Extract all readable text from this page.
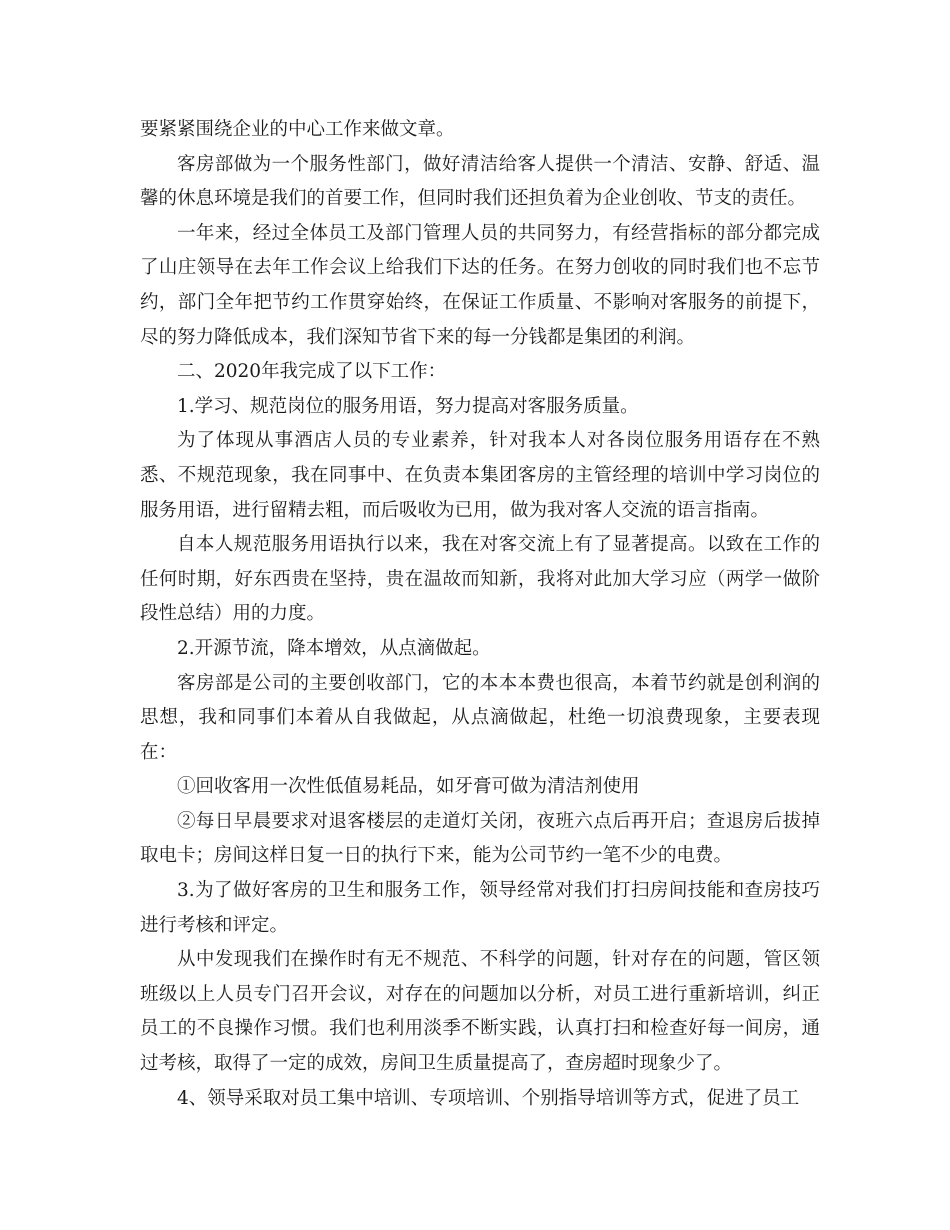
要紧紧围绕企业的中心工作来做文章。

客房部做为一个服务性部门，做好清洁给客人提供一个清洁、安静、舒适、温馨的休息环境是我们的首要工作，但同时我们还担负着为企业创收、节支的责任。

一年来，经过全体员工及部门管理人员的共同努力，有经营指标的部分都完成了山庄领导在去年工作会议上给我们下达的任务。在努力创收的同时我们也不忘节约，部门全年把节约工作贯穿始终，在保证工作质量、不影响对客服务的前提下，尽的努力降低成本，我们深知节省下来的每一分钱都是集团的利润。

二、2020年我完成了以下工作：

1.学习、规范岗位的服务用语，努力提高对客服务质量。

为了体现从事酒店人员的专业素养，针对我本人对各岗位服务用语存在不熟悉、不规范现象，我在同事中、在负责本集团客房的主管经理的培训中学习岗位的服务用语，进行留精去粗，而后吸收为已用，做为我对客人交流的语言指南。

自本人规范服务用语执行以来，我在对客交流上有了显著提高。以致在工作的任何时期，好东西贵在坚持，贵在温故而知新，我将对此加大学习应（两学一做阶段性总结）用的力度。

2.开源节流，降本增效，从点滴做起。

客房部是公司的主要创收部门，它的本本本费也很高，本着节约就是创利润的思想，我和同事们本着从自我做起，从点滴做起，杜绝一切浪费现象，主要表现在：

①回收客用一次性低值易耗品，如牙膏可做为清洁剂使用

②每日早晨要求对退客楼层的走道灯关闭，夜班六点后再开启；查退房后拔掉取电卡；房间这样日复一日的执行下来，能为公司节约一笔不少的电费。

3.为了做好客房的卫生和服务工作，领导经常对我们打扫房间技能和查房技巧进行考核和评定。

从中发现我们在操作时有无不规范、不科学的问题，针对存在的问题，管区领班级以上人员专门召开会议，对存在的问题加以分析，对员工进行重新培训，纠正员工的不良操作习惯。我们也利用淡季不断实践，认真打扫和检查好每一间房，通过考核，取得了一定的成效，房间卫生质量提高了，查房超时现象少了。

4、领导采取对员工集中培训、专项培训、个别指导培训等方式，促进了员工
